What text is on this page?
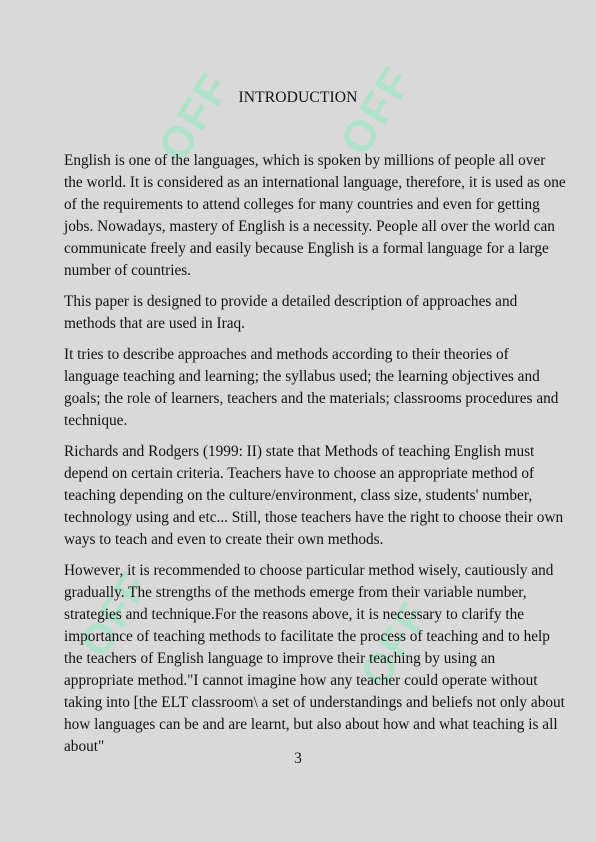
OFF OFF
OFF	OFF
INTRODUCTION

English is one of the languages, which is spoken by millions of people all over the world. It is considered as an international language, therefore, it is used as one of the requirements to attend colleges for many countries and even for getting jobs. Nowadays, mastery of English is a necessity. People all over the world can communicate freely and easily because English is a formal language for a large number of countries.

This paper is designed to provide a detailed description of approaches and methods that are used in Iraq.

It tries to describe approaches and methods according to their theories of language teaching and learning; the syllabus used; the learning objectives and goals; the role of learners, teachers and the materials; classrooms procedures and technique.

Richards and Rodgers (1999: II) state that Methods of teaching English must depend on certain criteria. Teachers have to choose an appropriate method of teaching depending on the culture/environment, class size, students' number, technology using and etc... Still, those teachers have the right to choose their own ways to teach and even to create their own methods.

However, it is recommended to choose particular method wisely, cautiously and gradually. The strengths of the methods emerge from their variable number, strategies and technique.For the reasons above, it is necessary to clarify the importance of teaching methods to facilitate the process of teaching and to help the teachers of English language to improve their teaching by using an appropriate method."I cannot imagine how any teacher could operate without taking into [the ELT classroom\ a set of understandings and beliefs not only about how languages can be and are learnt, but also about how and what teaching is all about"

3
